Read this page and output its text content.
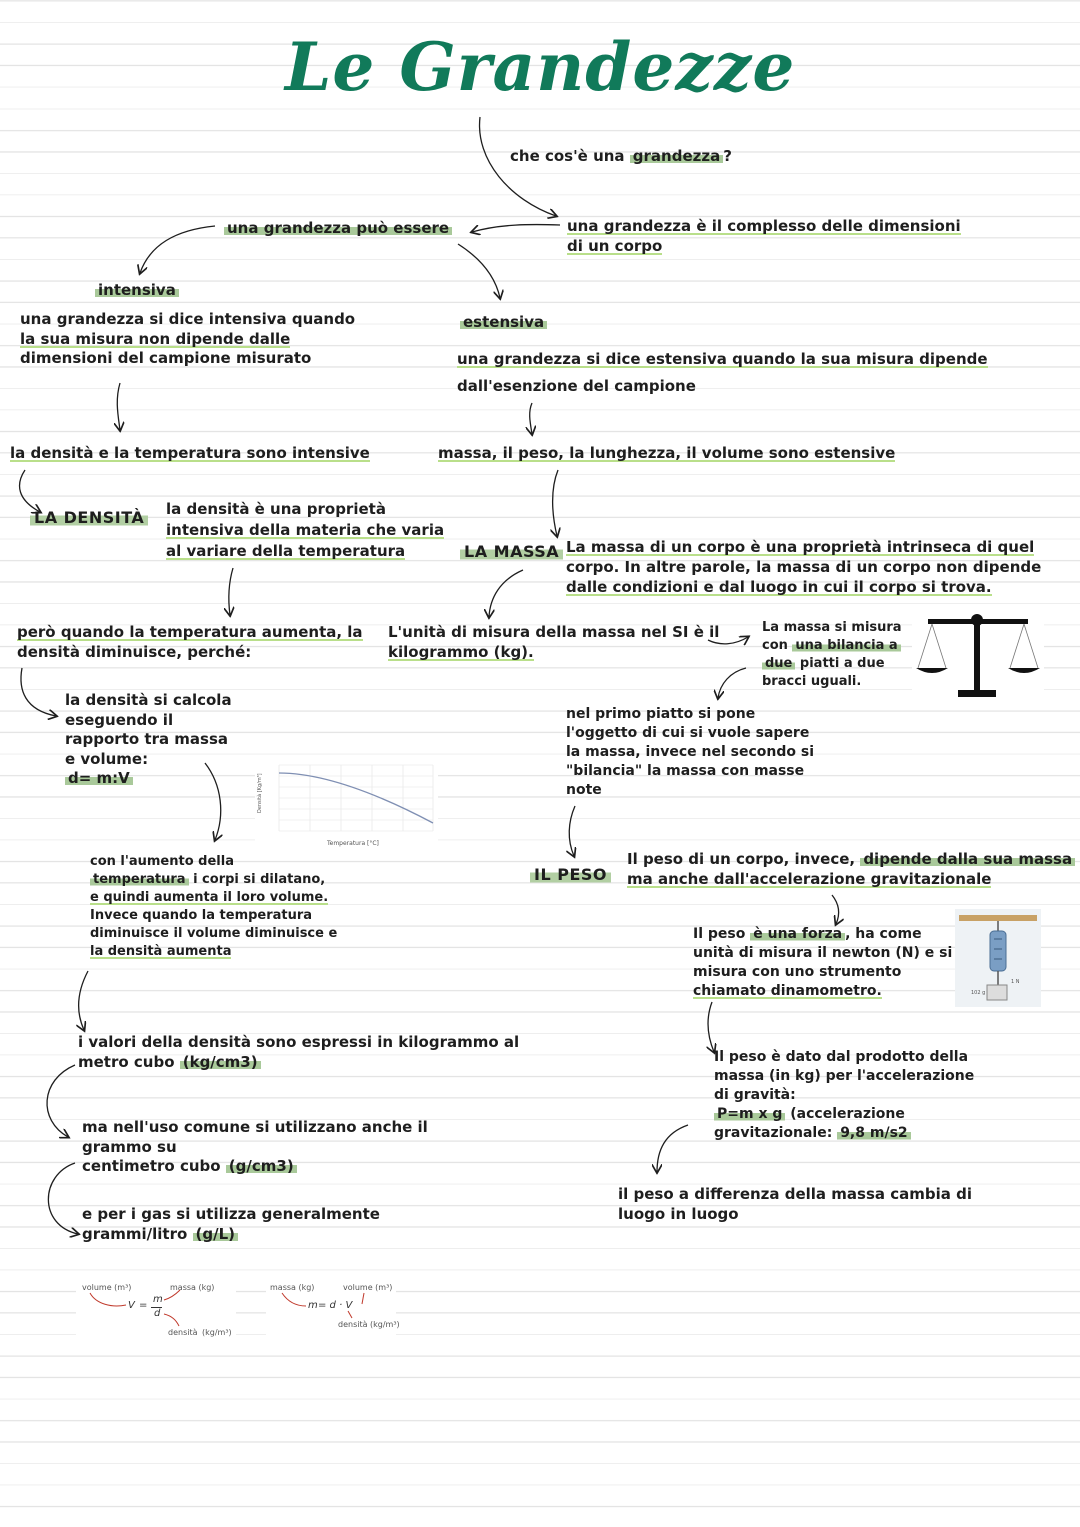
Le Grandezze

che cos'è una grandezza ?

una grandezza è il complesso delle dimensioni
di un corpo

una grandezza può essere

intensiva

una grandezza si dice intensiva quando
la sua misura non dipende dalle
dimensioni del campione misurato

la densità e la temperatura sono intensive

estensiva

una grandezza si dice estensiva quando la sua misura dipende
dall'esenzione del campione

massa, il peso, la lunghezza, il volume sono estensive

LA DENSITÀ la densità è una proprietà
intensiva della materia che varia
al variare della temperatura

però quando la temperatura aumenta, la
densità diminuisce, perché:

la densità si calcola
eseguendo il
rapporto tra massa
e volume:
d= m:V	Densità [Kg/m³]
Temperatura [°C]

con l'aumento della
temperatura i corpi si dilatano,
e quindi aumenta il loro volume.
Invece quando la temperatura
diminuisce il volume diminuisce e
la densità aumenta

i valori della densità sono espressi in kilogrammo al
metro cubo (kg/cm3)

ma nell'uso comune si utilizzano anche il
grammo su
centimetro cubo (g/cm3)

e per i gas si utilizza generalmente
grammi/litro (g/L)

volume (m³)	massa (kg)
V =
m
d
densità (kg/m³)
massa (kg)	volume (m³)
m = d · V
densità (kg/m³)
LA MASSA La massa di un corpo è una proprietà intrinseca di quel
corpo. In altre parole, la massa di un corpo non dipende
dalle condizioni e dal luogo in cui il corpo si trova.

L'unità di misura della massa nel SI è il
kilogrammo (kg).

La massa si misura
con una bilancia a
due piatti a due
bracci uguali.

nel primo piatto si pone
l'oggetto di cui si vuole sapere
la massa, invece nel secondo si
"bilancia" la massa con masse
note

IL PESO

Il peso di un corpo, invece, dipende dalla sua massa
ma anche dall'accelerazione gravitazionale

Il peso è una forza , ha come
unità di misura il newton (N) e si
misura con uno strumento
chiamato dinamometro.

1 N
102 g

Il peso è dato dal prodotto della
massa (in kg) per l'accelerazione
di gravità:
P=m x g (accelerazione
gravitazionale: 9,8 m/s2

il peso a differenza della massa cambia di
luogo in luogo
